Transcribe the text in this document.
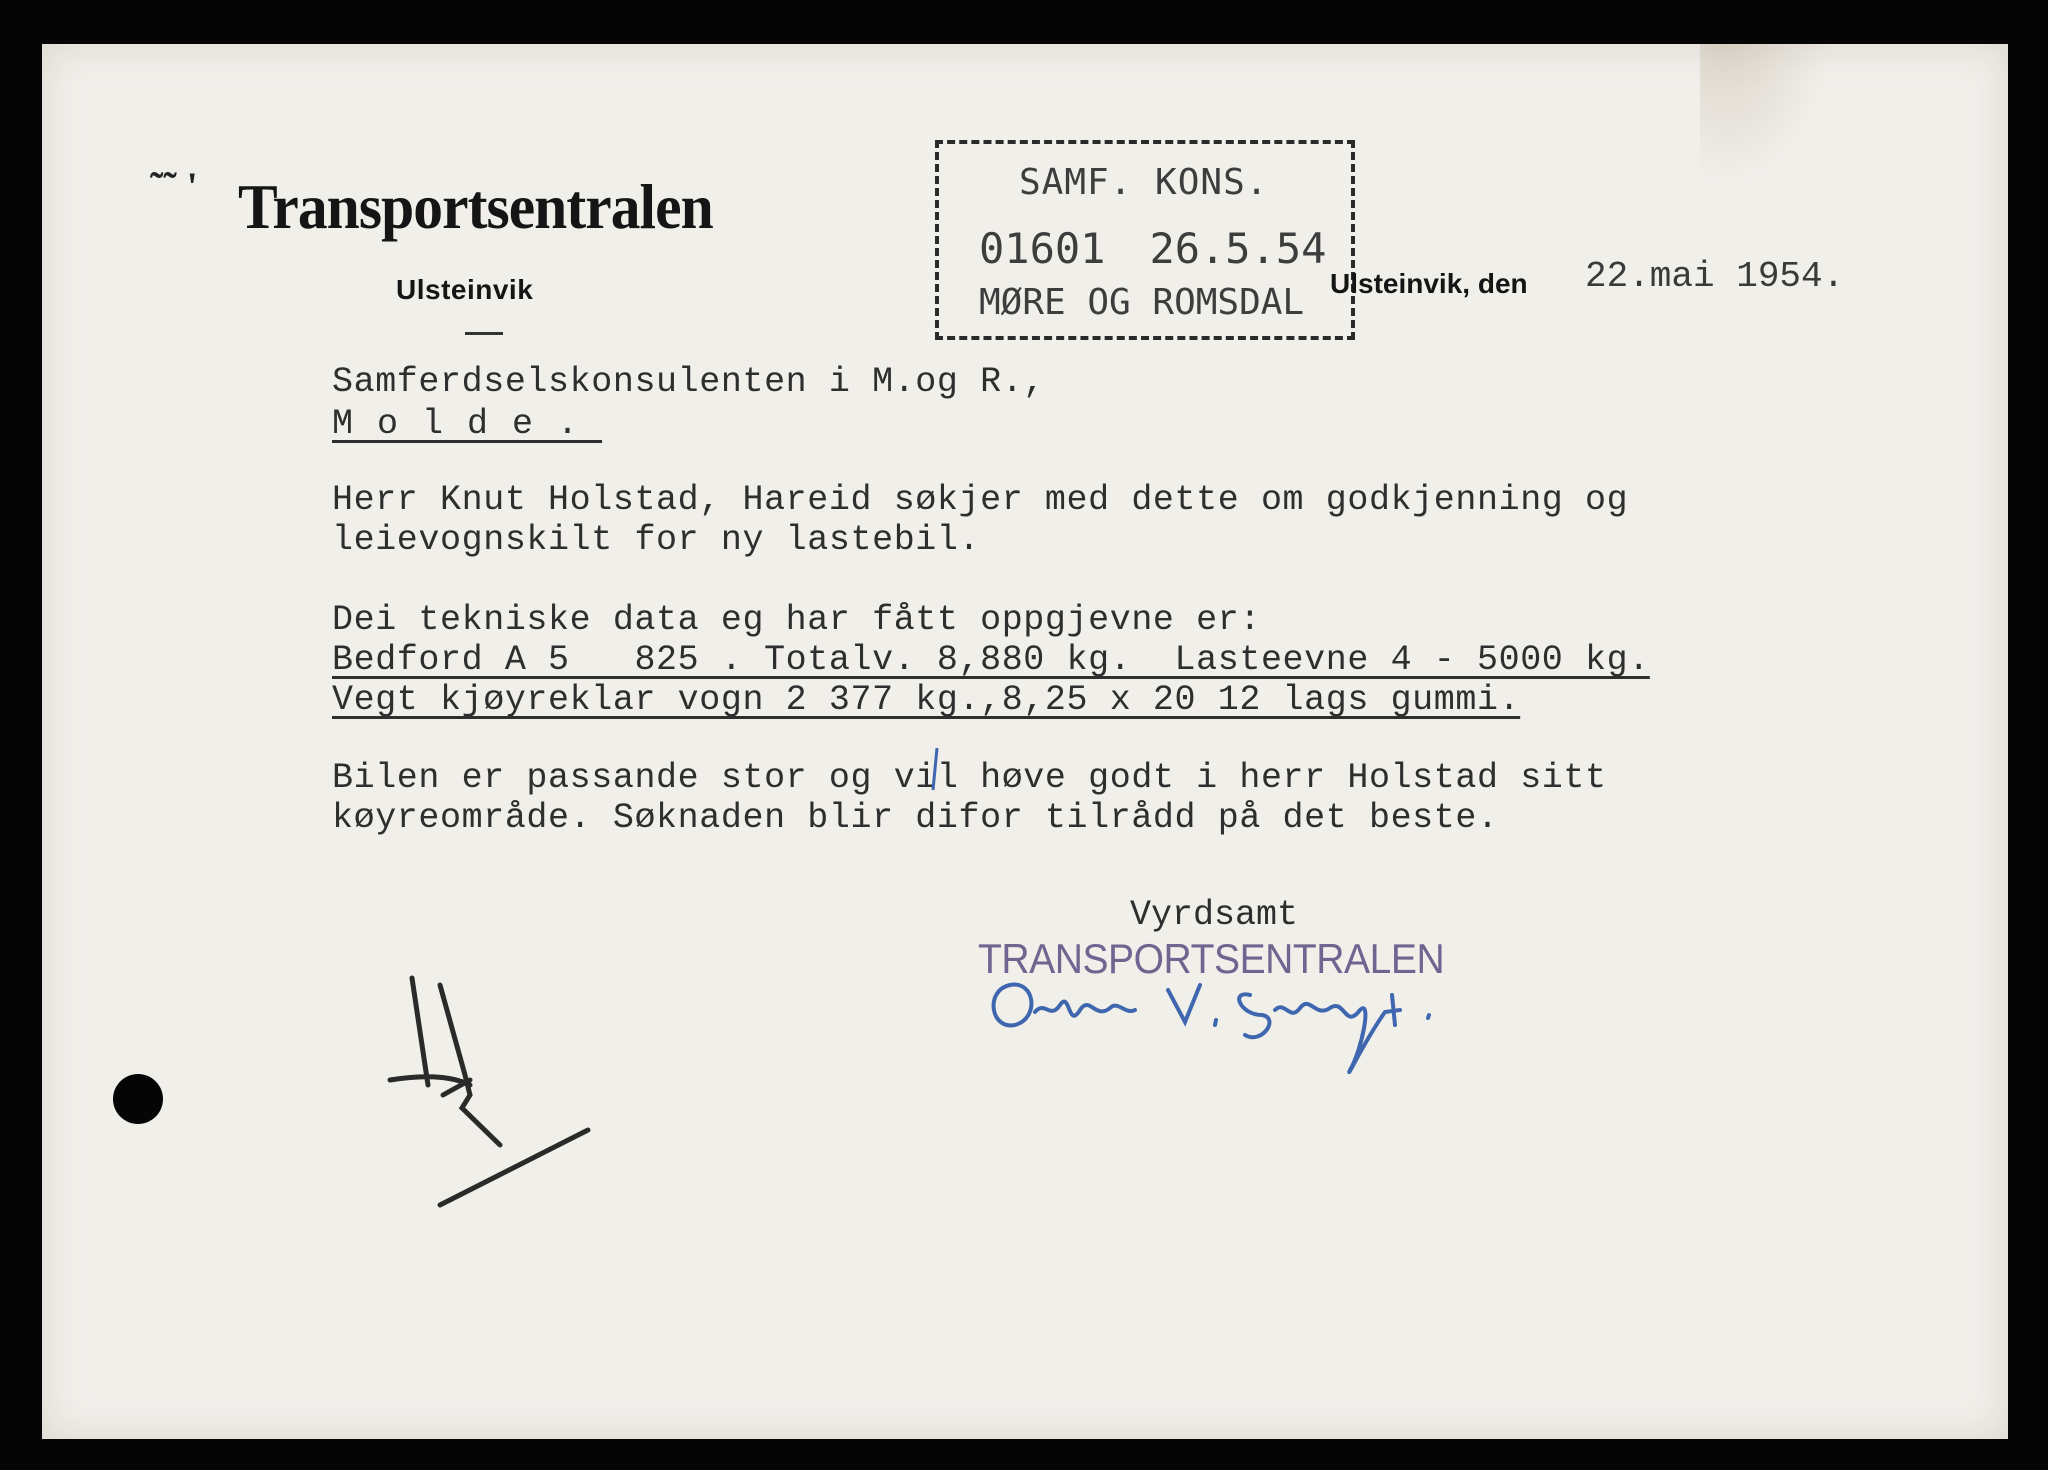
˜˜ ' Transportsentralen
Ulsteinvik
SAMF. KONS.
01601 26.5.54
MØRE OG ROMSDAL Ulsteinvik, den 22.mai 1954.
Samferdselskonsulenten i M.og R.,
Molde.
Herr Knut Holstad, Hareid søkjer med dette om godkjenning og
leievognskilt for ny lastebil.
Dei tekniske data eg har fått oppgjevne er:
Bedford A 5   825 . Totalv. 8,880 kg.  Lasteevne 4 - 5000 kg.
Vegt kjøyreklar vogn 2 377 kg.,8,25 x 20 12 lags gummi.
Bilen er passande stor og vil høve godt i herr Holstad sitt
køyreområde. Søknaden blir difor tilrådd på det beste.
Vyrdsamt
TRANSPORTSENTRALEN
